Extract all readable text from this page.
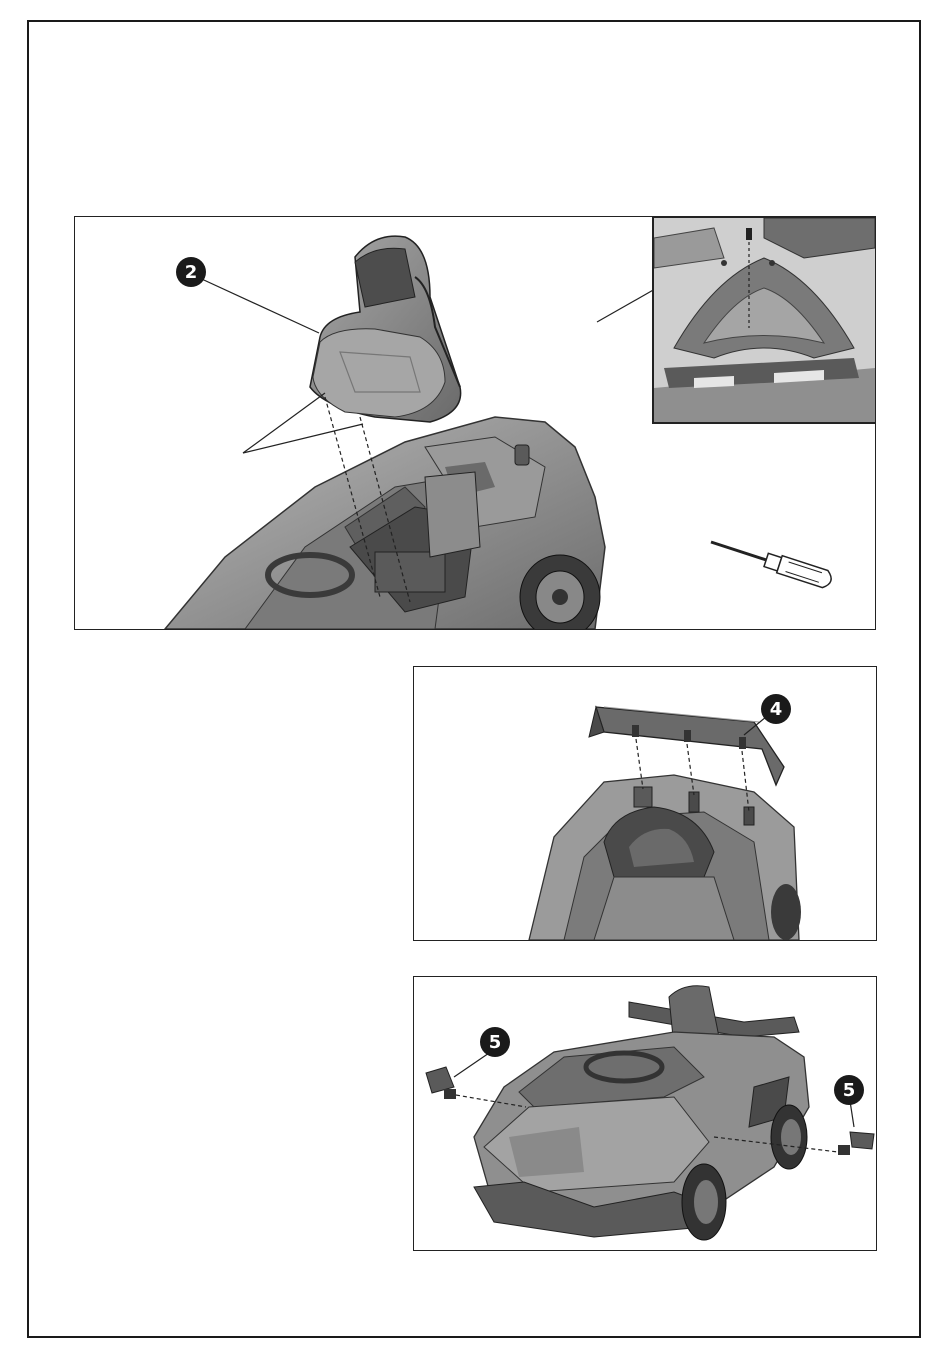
2
4
5
5
